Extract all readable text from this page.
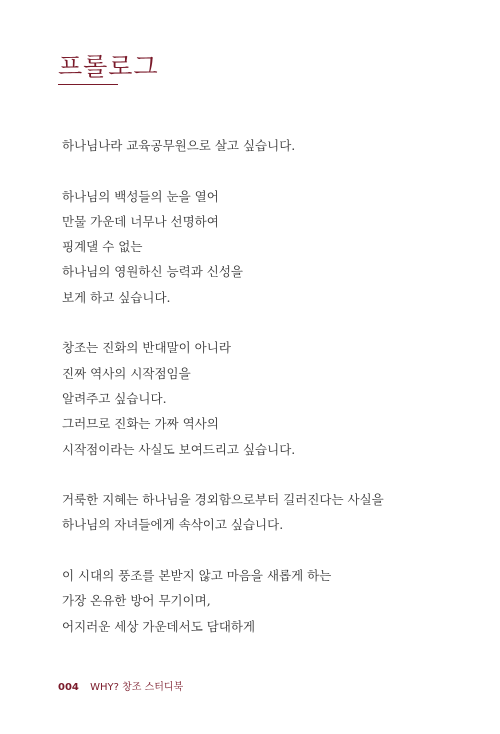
프롤로그
하나님나라 교육공무원으로 살고 싶습니다.
하나님의 백성들의 눈을 열어
만물 가운데 너무나 선명하여
핑계댈 수 없는
하나님의 영원하신 능력과 신성을
보게 하고 싶습니다.
창조는 진화의 반대말이 아니라
진짜 역사의 시작점임을
알려주고 싶습니다.
그러므로 진화는 가짜 역사의
시작점이라는 사실도 보여드리고 싶습니다.
거룩한 지혜는 하나님을 경외함으로부터 길러진다는 사실을
하나님의 자녀들에게 속삭이고 싶습니다.
이 시대의 풍조를 본받지 않고 마음을 새롭게 하는
가장 온유한 방어 무기이며,
어지러운 세상 가운데서도 담대하게
004 WHY? 창조 스터디북
